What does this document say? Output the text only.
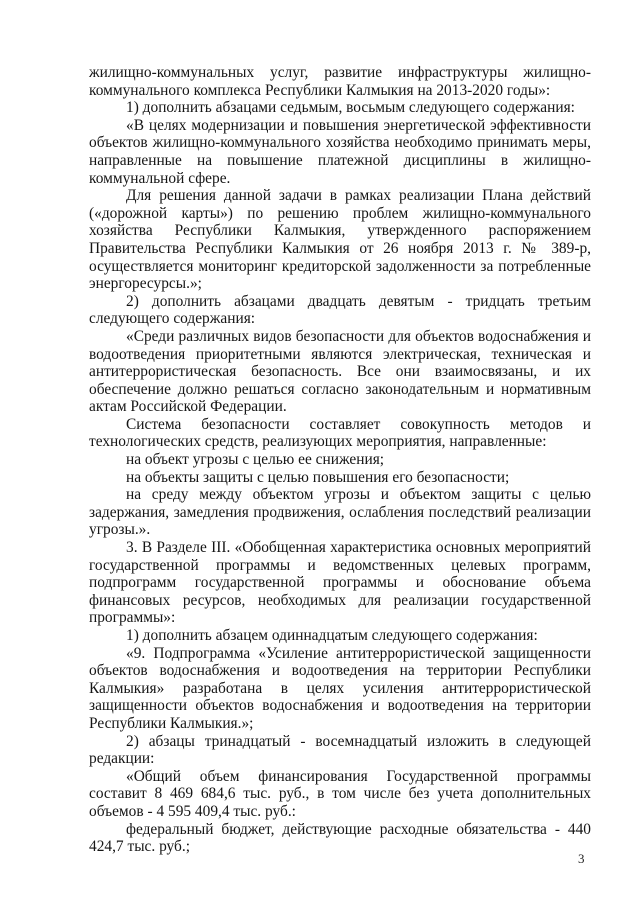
жилищно-коммунальных услуг, развитие инфраструктуры жилищно-коммунального комплекса Республики Калмыкия на 2013-2020 годы»:

1) дополнить абзацами седьмым, восьмым следующего содержания:

«В целях модернизации и повышения энергетической эффективности объектов жилищно-коммунального хозяйства необходимо принимать меры, направленные на повышение платежной дисциплины в жилищно-коммунальной сфере.

Для решения данной задачи в рамках реализации Плана действий («дорожной карты») по решению проблем жилищно-коммунального хозяйства Республики Калмыкия, утвержденного распоряжением Правительства Республики Калмыкия от 26 ноября 2013 г. № 389-р, осуществляется мониторинг кредиторской задолженности за потребленные энергоресурсы.»;

2) дополнить абзацами двадцать девятым - тридцать третьим следующего содержания:

«Среди различных видов безопасности для объектов водоснабжения и водоотведения приоритетными являются электрическая, техническая и антитеррористическая безопасность. Все они взаимосвязаны, и их обеспечение должно решаться согласно законодательным и нормативным актам Российской Федерации.

Система безопасности составляет совокупность методов и технологических средств, реализующих мероприятия, направленные:

на объект угрозы с целью ее снижения;

на объекты защиты с целью повышения его безопасности;

на среду между объектом угрозы и объектом защиты с целью задержания, замедления продвижения, ослабления последствий реализации угрозы.».

3. В Разделе III. «Обобщенная характеристика основных мероприятий государственной программы и ведомственных целевых программ, подпрограмм государственной программы и обоснование объема финансовых ресурсов, необходимых для реализации государственной программы»:

1) дополнить абзацем одиннадцатым следующего содержания:

«9. Подпрограмма «Усиление антитеррористической защищенности объектов водоснабжения и водоотведения на территории Республики Калмыкия» разработана в целях усиления антитеррористической защищенности объектов водоснабжения и водоотведения на территории Республики Калмыкия.»;

2) абзацы тринадцатый - восемнадцатый изложить в следующей редакции:

«Общий объем финансирования Государственной программы составит 8 469 684,6 тыс. руб., в том числе без учета дополнительных объемов - 4 595 409,4 тыс. руб.:

федеральный бюджет, действующие расходные обязательства - 440 424,7 тыс. руб.;

3
